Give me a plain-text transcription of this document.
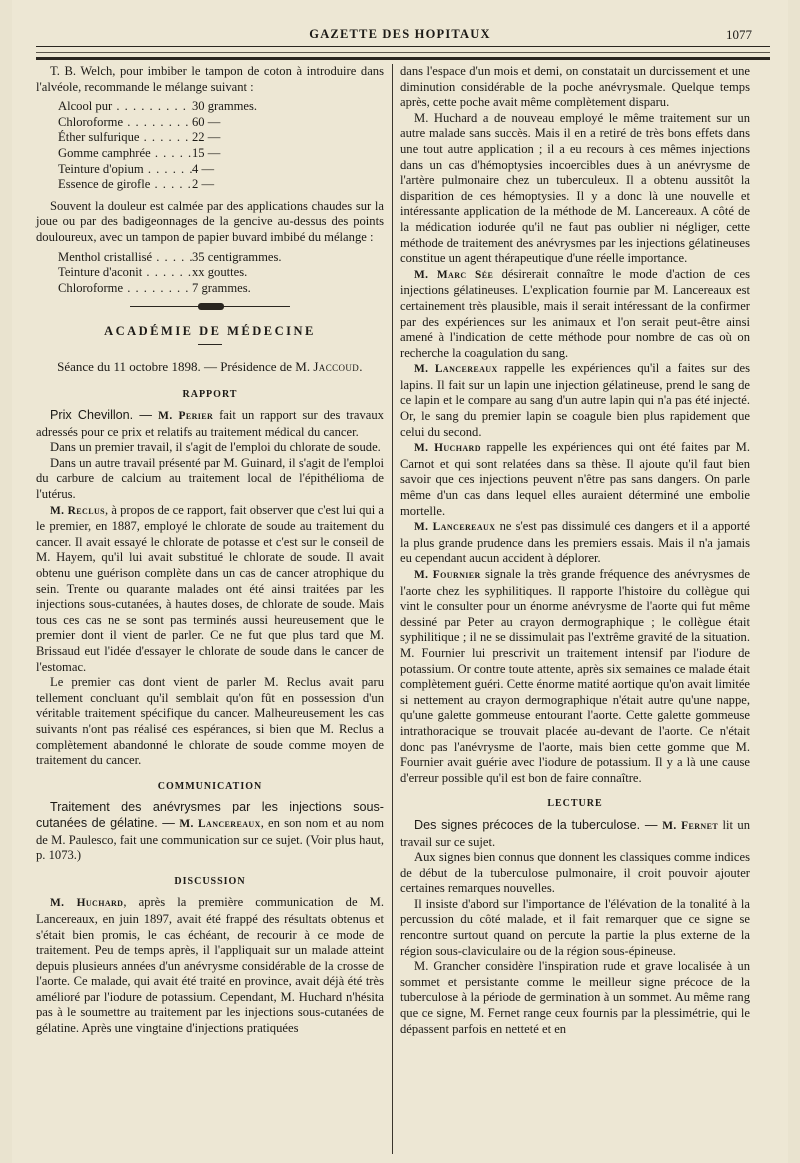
GAZETTE DES HOPITAUX	1077

T. B. Welch, pour imbiber le tampon de coton à introduire dans l'alvéole, recommande le mélange suivant :

Alcool pur . . .	30 grammes.
Chloroforme . . .	60 —
Éther sulfurique . . .	22 —
Gomme camphrée . . .	15 —
Teinture d'opium . . .	4 —
Essence de girofle . . .	2 —

Souvent la douleur est calmée par des applications chaudes sur la joue ou par des badigeonnages de la gencive au-dessus des points douloureux, avec un tampon de papier buvard imbibé du mélange :

Menthol cristallisé . . .	35 centigrammes.
Teinture d'aconit . . .	xx gouttes.
Chloroforme . . .	7 grammes.
ACADÉMIE DE MÉDECINE
Séance du 11 octobre 1898. — Présidence de M. Jaccoud.
RAPPORT

Prix Chevillon. — M. Perier fait un rapport sur des travaux adressés pour ce prix et relatifs au traitement médical du cancer.

Dans un premier travail, il s'agit de l'emploi du chlorate de soude.

Dans un autre travail présenté par M. Guinard, il s'agit de l'emploi du carbure de calcium au traitement local de l'épithélioma de l'utérus.

M. Reclus, à propos de ce rapport, fait observer que c'est lui qui a le premier, en 1887, employé le chlorate de soude au traitement du cancer. Il avait essayé le chlorate de potasse et c'est sur le conseil de M. Hayem, qu'il lui avait substitué le chlorate de soude. Il avait obtenu une guérison complète dans un cas de cancer atrophique du sein. Trente ou quarante malades ont été ainsi traitées par les injections sous-cutanées, à hautes doses, de chlorate de soude. Mais tous ces cas ne se sont pas terminés aussi heureusement que le premier dont il vient de parler. Ce ne fut que plus tard que M. Brissaud eut l'idée d'essayer le chlorate de soude dans le cancer de l'estomac.

Le premier cas dont vient de parler M. Reclus avait paru tellement concluant qu'il semblait qu'on fût en possession d'un véritable traitement spécifique du cancer. Malheureusement les cas suivants n'ont pas réalisé ces espérances, si bien que M. Reclus a complètement abandonné le chlorate de soude comme moyen de traitement du cancer.

COMMUNICATION

Traitement des anévrysmes par les injections sous-cutanées de gélatine. — M. Lancereaux, en son nom et au nom de M. Paulesco, fait une communication sur ce sujet. (Voir plus haut, p. 1073.)

DISCUSSION

M. Huchard, après la première communication de M. Lancereaux, en juin 1897, avait été frappé des résultats obtenus et s'était bien promis, le cas échéant, de recourir à ce mode de traitement. Peu de temps après, il l'appliquait sur un malade atteint depuis plusieurs années d'un anévrysme considérable de la crosse de l'aorte. Ce malade, qui avait été traité en province, avait déjà été très amélioré par l'iodure de potassium. Cependant, M. Huchard n'hésita pas à le soumettre au traitement par les injections sous-cutanées de gélatine. Après une vingtaine d'injections pratiquées

dans l'espace d'un mois et demi, on constatait un durcissement et une diminution considérable de la poche anévrysmale. Quelque temps après, cette poche avait même complètement disparu.

M. Huchard a de nouveau employé le même traitement sur un autre malade sans succès. Mais il en a retiré de très bons effets dans une tout autre application ; il a eu recours à ces mêmes injections dans un cas d'hémoptysies incoercibles dues à un anévrysme de l'artère pulmonaire chez un tuberculeux. Il a obtenu aussitôt la disparition de ces hémoptysies. Il y a donc là une nouvelle et intéressante application de la méthode de M. Lancereaux. A côté de la médication iodurée qu'il ne faut pas oublier ni négliger, cette méthode de traitement des anévrysmes par les injections gélatineuses constitue un agent thérapeutique d'une réelle importance.

M. Marc Sée désirerait connaître le mode d'action de ces injections gélatineuses. L'explication fournie par M. Lancereaux est certainement très plausible, mais il serait intéressant de la confirmer par des expériences sur les animaux et l'on serait peut-être ainsi amené à l'indication de cette méthode pour nombre de cas où on recherche la coagulation du sang.

M. Lancereaux rappelle les expériences qu'il a faites sur des lapins. Il fait sur un lapin une injection gélatineuse, prend le sang de ce lapin et le compare au sang d'un autre lapin qui n'a pas été injecté. Or, le sang du premier lapin se coagule bien plus rapidement que celui du second.

M. Huchard rappelle les expériences qui ont été faites par M. Carnot et qui sont relatées dans sa thèse. Il ajoute qu'il faut bien savoir que ces injections peuvent n'être pas sans dangers. On parle même d'un cas dans lequel elles auraient déterminé une embolie mortelle.

M. Lancereaux ne s'est pas dissimulé ces dangers et il a apporté la plus grande prudence dans les premiers essais. Mais il n'a jamais eu cependant aucun accident à déplorer.

M. Fournier signale la très grande fréquence des anévrysmes de l'aorte chez les syphilitiques. Il rapporte l'histoire du collègue qui vint le consulter pour un énorme anévrysme de l'aorte qui fut même dessiné par Peter au crayon dermographique ; le collègue était syphilitique ; il ne se dissimulait pas l'extrême gravité de la situation. M. Fournier lui prescrivit un traitement intensif par l'iodure de potassium. Or contre toute attente, après six semaines ce malade était complètement guéri. Cette énorme matité aortique qu'on avait limitée si nettement au crayon dermographique n'était autre qu'une nappe, qu'une galette gommeuse entourant l'aorte. Cette galette gommeuse intrathoracique se trouvait placée au-devant de l'aorte. Ce n'était donc pas l'anévrysme de l'aorte, mais bien cette gomme que M. Fournier avait guérie avec l'iodure de potassium. Il y a là une cause d'erreur possible qu'il est bon de faire connaître.

LECTURE

Des signes précoces de la tuberculose. — M. Fernet lit un travail sur ce sujet.

Aux signes bien connus que donnent les classiques comme indices de début de la tuberculose pulmonaire, il croit pouvoir ajouter certaines remarques nouvelles.

Il insiste d'abord sur l'importance de l'élévation de la tonalité à la percussion du côté malade, et il fait remarquer que ce signe se rencontre surtout quand on percute la partie la plus externe de la région sous-claviculaire ou de la région sous-épineuse.

M. Grancher considère l'inspiration rude et grave localisée à un sommet et persistante comme le meilleur signe précoce de la tuberculose à la période de germination à un sommet. Au même rang que ce signe, M. Fernet range ceux fournis par la plessimétrie, qui le dépassent parfois en netteté et en
